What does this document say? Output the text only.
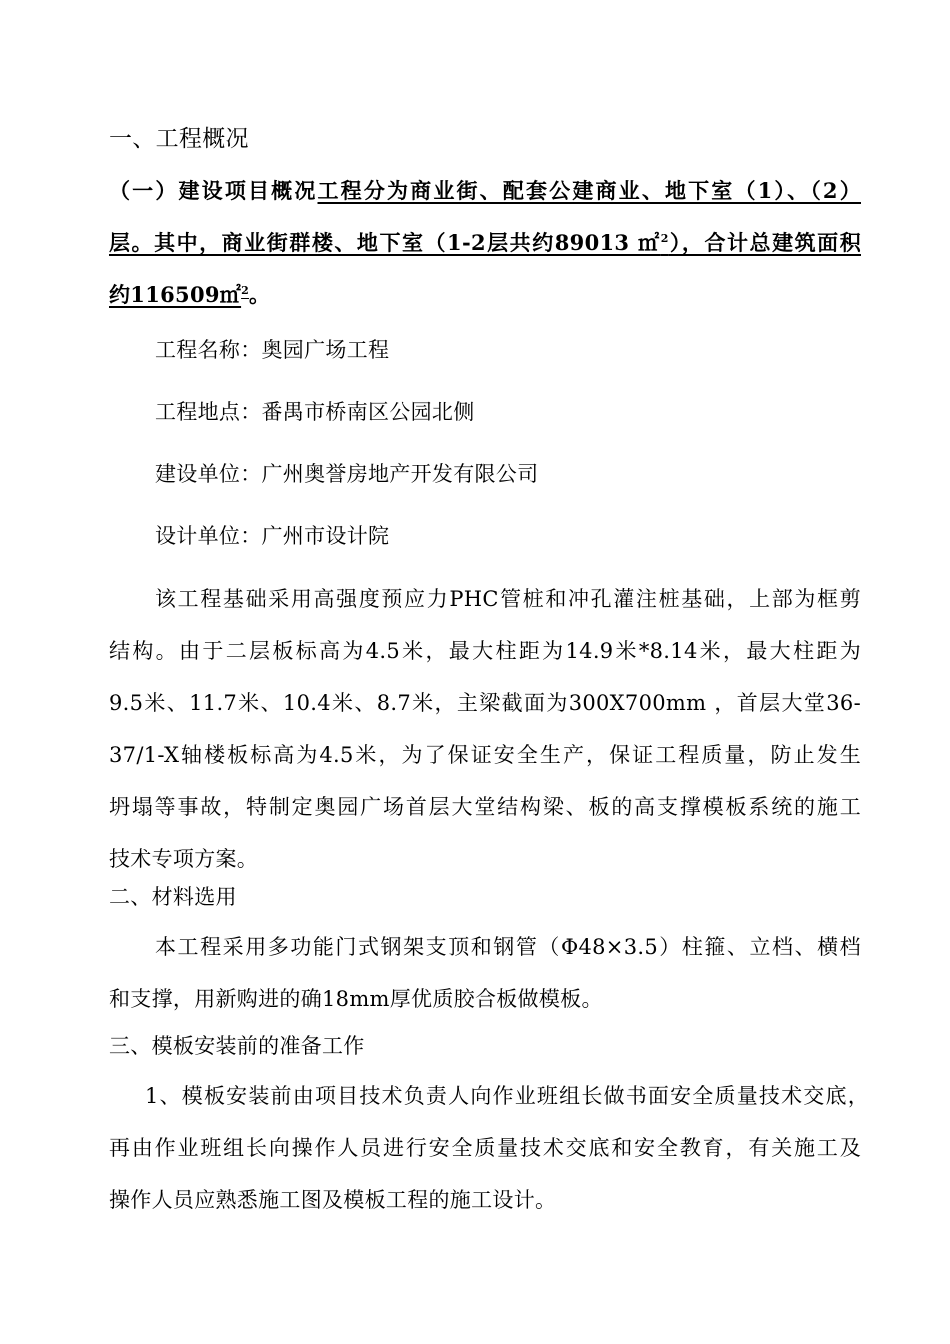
一、工程概况
（一）建设项目概况工程分为商业街、配套公建商业、地下室（1）、（2）
层。其中，商业街群楼、地下室（1-2层共约89013 ㎡$^2$），合计总建筑面积
约116509㎡$^2$。
工程名称：奥园广场工程
工程地点：番禺市桥南区公园北侧
建设单位：广州奥誉房地产开发有限公司
设计单位：广州市设计院
该工程基础采用高强度预应力PHC管桩和冲孔灌注桩基础，上部为框剪
结构。由于二层板标高为4.5米，最大柱距为14.9米*8.14米，最大柱距为
9.5米、11.7米、10.4米、8.7米，主梁截面为300X700mm ，首层大堂36-
37/1-X轴楼板标高为4.5米，为了保证安全生产，保证工程质量，防止发生
坍塌等事故，特制定奥园广场首层大堂结构梁、板的高支撑模板系统的施工
技术专项方案。
二、材料选用
本工程采用多功能门式钢架支顶和钢管（Φ48×3.5）柱箍、立档、横档
和支撑，用新购进的确18mm厚优质胶合板做模板。
三、模板安装前的准备工作
1、模板安装前由项目技术负责人向作业班组长做书面安全质量技术交底，
再由作业班组长向操作人员进行安全质量技术交底和安全教育，有关施工及
操作人员应熟悉施工图及模板工程的施工设计。
